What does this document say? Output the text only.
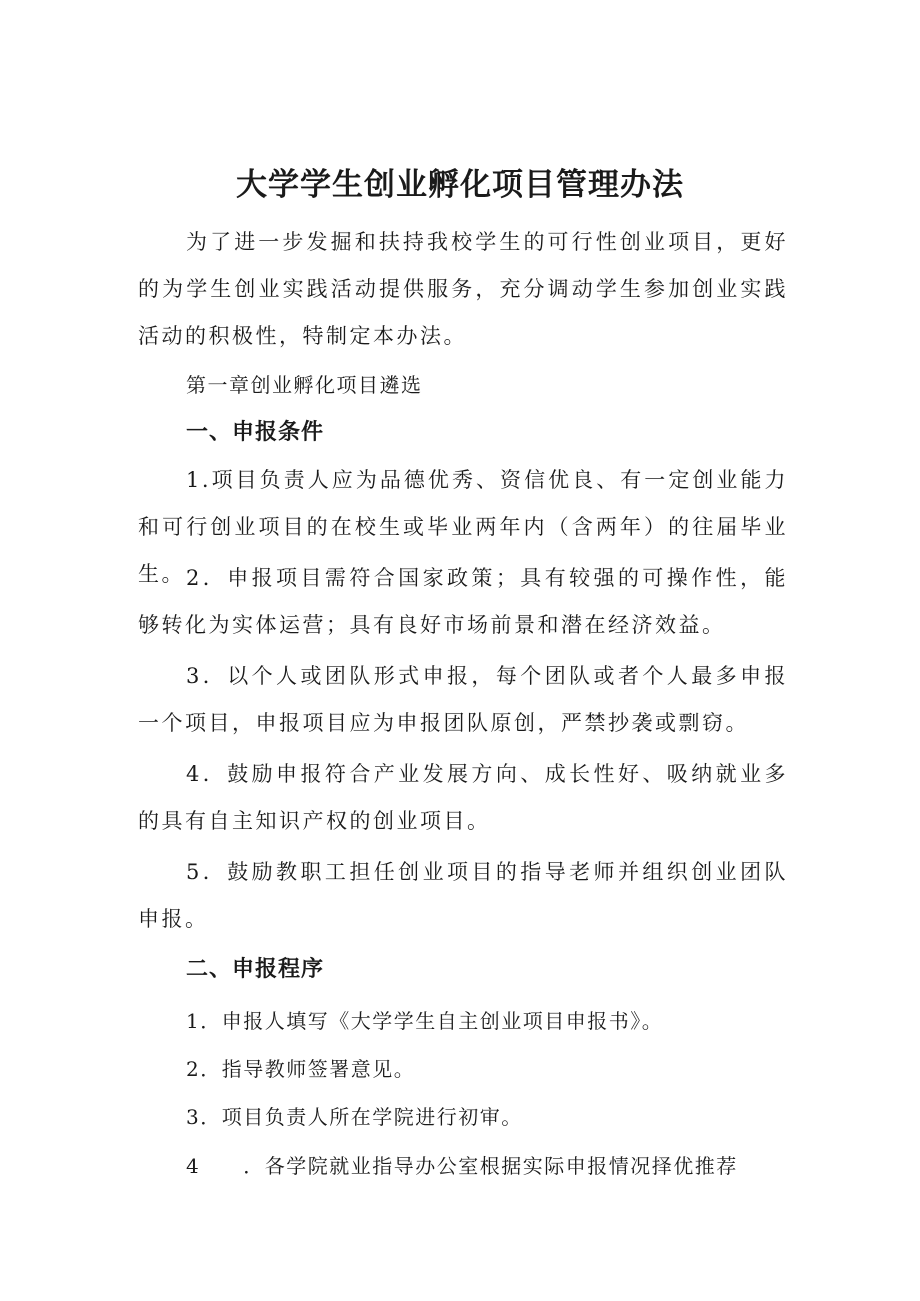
大学学生创业孵化项目管理办法

为了进一步发掘和扶持我校学生的可行性创业项目，更好的为学生创业实践活动提供服务，充分调动学生参加创业实践活动的积极性，特制定本办法。

第一章创业孵化项目遴选

一、申报条件

1.项目负责人应为品德优秀、资信优良、有一定创业能力和可行创业项目的在校生或毕业两年内（含两年）的往届毕业生。 2．申报项目需符合国家政策；具有较强的可操作性，能够转化为实体运营；具有良好市场前景和潜在经济效益。

3．以个人或团队形式申报，每个团队或者个人最多申报一个项目，申报项目应为申报团队原创，严禁抄袭或剽窃。

4．鼓励申报符合产业发展方向、成长性好、吸纳就业多的具有自主知识产权的创业项目。

5．鼓励教职工担任创业项目的指导老师并组织创业团队申报。

二、申报程序

1．申报人填写《大学学生自主创业项目申报书》。

2．指导教师签署意见。

3．项目负责人所在学院进行初审。

4　　．各学院就业指导办公室根据实际申报情况择优推荐
